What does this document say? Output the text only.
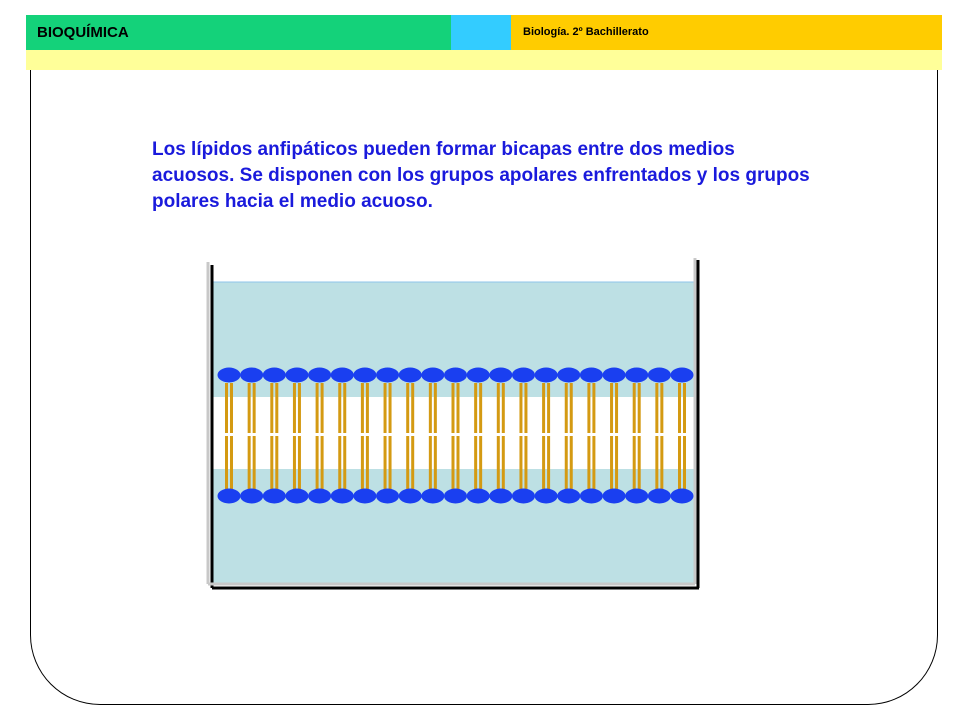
BIOQUÍMICA	Biología. 2º Bachillerato

Los lípidos anfipáticos pueden formar bicapas entre dos medios acuosos. Se disponen con los grupos apolares enfrentados y los grupos polares hacia el medio acuoso.
